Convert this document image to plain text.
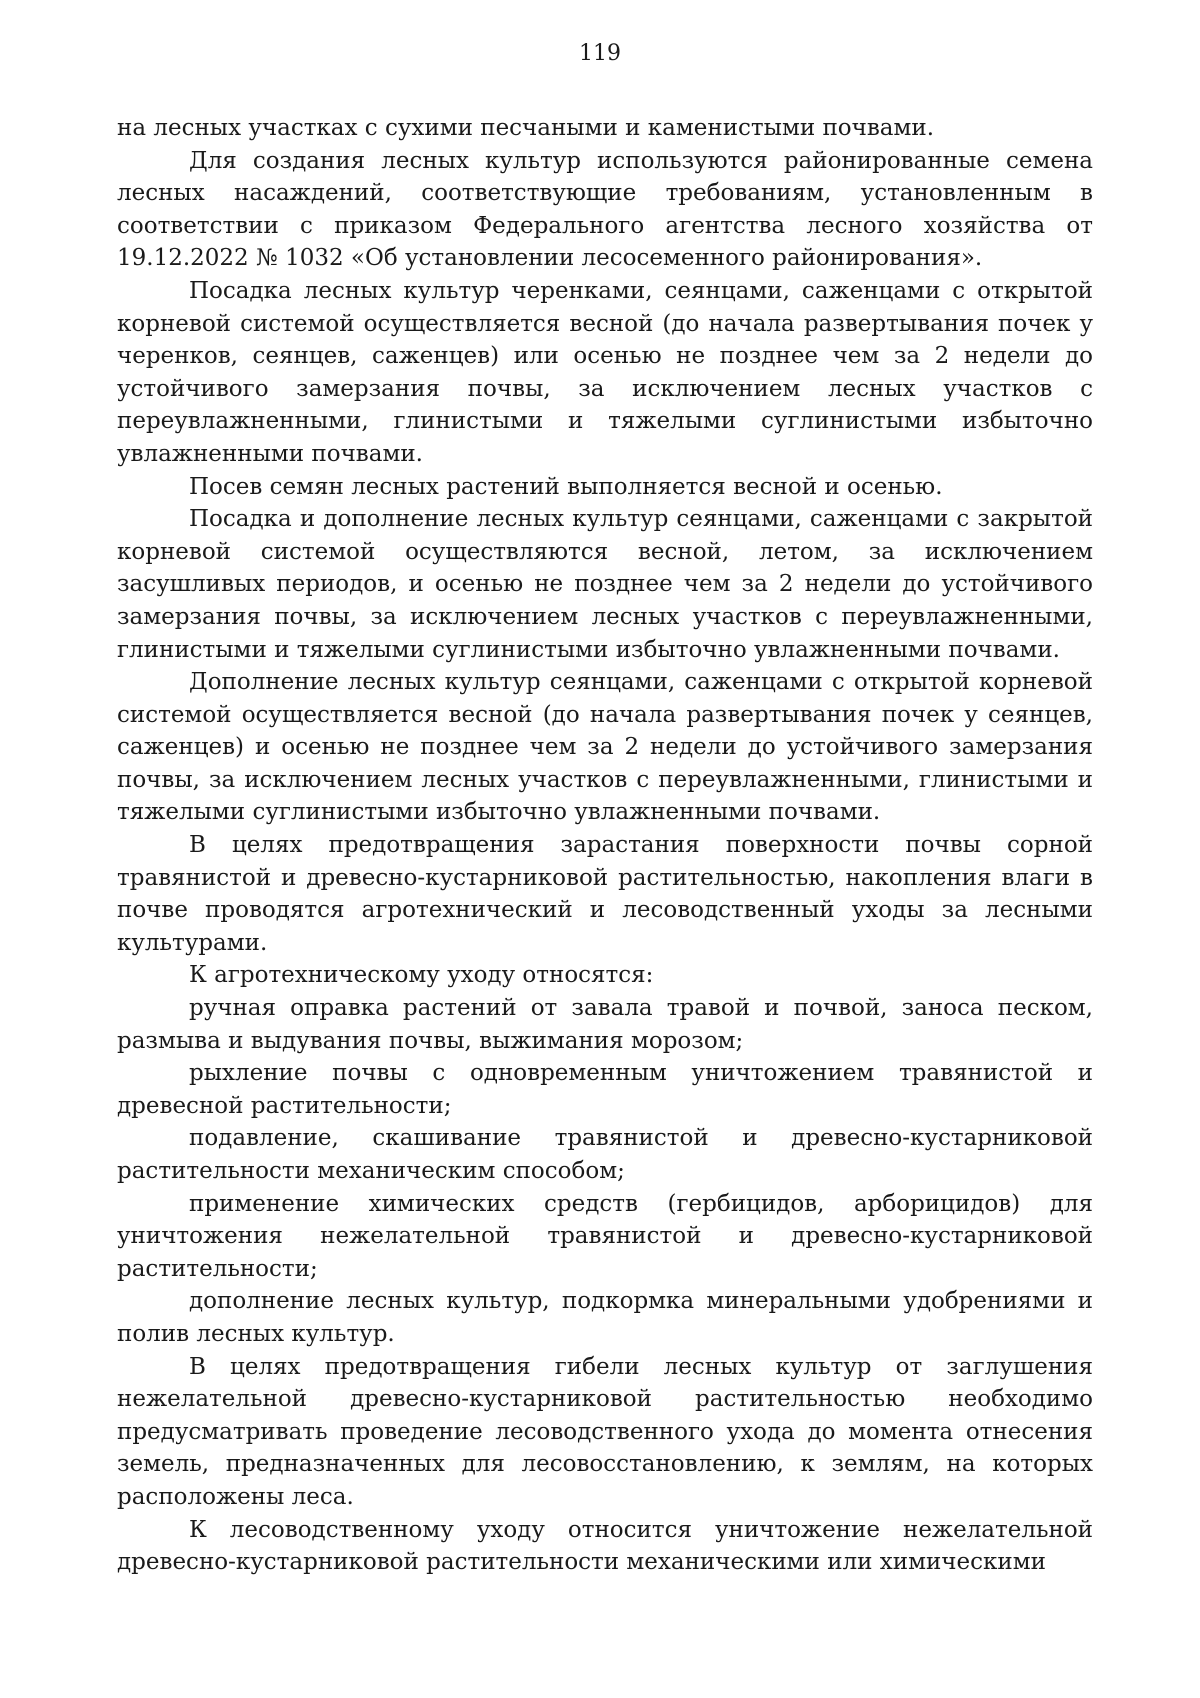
119

на лесных участках с сухими песчаными и каменистыми почвами.

Для создания лесных культур используются районированные семена лесных насаждений, соответствующие требованиям, установленным в соответствии с приказом Федерального агентства лесного хозяйства от 19.12.2022 № 1032 «Об установлении лесосеменного районирования».

Посадка лесных культур черенками, сеянцами, саженцами с открытой корневой системой осуществляется весной (до начала развертывания почек у черенков, сеянцев, саженцев) или осенью не позднее чем за 2 недели до устойчивого замерзания почвы, за исключением лесных участков с переувлажненными, глинистыми и тяжелыми суглинистыми избыточно увлажненными почвами.

Посев семян лесных растений выполняется весной и осенью.

Посадка и дополнение лесных культур сеянцами, саженцами с закрытой корневой системой осуществляются весной, летом, за исключением засушливых периодов, и осенью не позднее чем за 2 недели до устойчивого замерзания почвы, за исключением лесных участков с переувлажненными, глинистыми и тяжелыми суглинистыми избыточно увлажненными почвами.

Дополнение лесных культур сеянцами, саженцами с открытой корневой системой осуществляется весной (до начала развертывания почек у сеянцев, саженцев) и осенью не позднее чем за 2 недели до устойчивого замерзания почвы, за исключением лесных участков с переувлажненными, глинистыми и тяжелыми суглинистыми избыточно увлажненными почвами.

В целях предотвращения зарастания поверхности почвы сорной травянистой и древесно-кустарниковой растительностью, накопления влаги в почве проводятся агротехнический и лесоводственный уходы за лесными культурами.

К агротехническому уходу относятся:

ручная оправка растений от завала травой и почвой, заноса песком, размыва и выдувания почвы, выжимания морозом;

рыхление почвы с одновременным уничтожением травянистой и древесной растительности;

подавление, скашивание травянистой и древесно-кустарниковой растительности механическим способом;

применение химических средств (гербицидов, арборицидов) для уничтожения нежелательной травянистой и древесно-кустарниковой растительности;

дополнение лесных культур, подкормка минеральными удобрениями и полив лесных культур.

В целях предотвращения гибели лесных культур от заглушения нежелательной древесно-кустарниковой растительностью необходимо предусматривать проведение лесоводственного ухода до момента отнесения земель, предназначенных для лесовосстановлению, к землям, на которых расположены леса.

К лесоводственному уходу относится уничтожение нежелательной древесно-кустарниковой растительности механическими или химическими
